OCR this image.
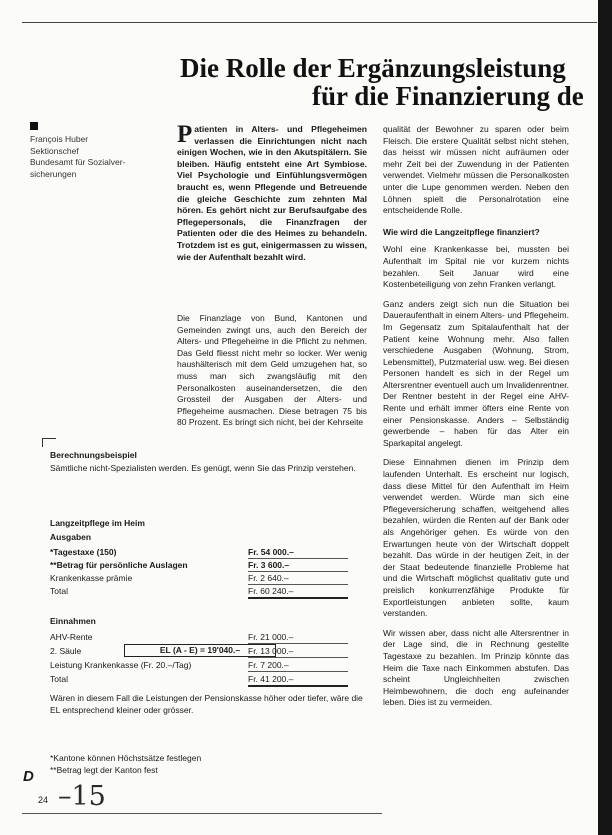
Die Rolle der Ergänzungsleistung
für die Finanzierung de
François Huber
Sektionschef
Bundesamt für Sozialver-
sicherungen
Patienten in Alters- und Pflegeheimen verlassen die Einrichtungen nicht nach einigen Wochen, wie in den Akutspitälern. Sie bleiben. Häufig entsteht eine Art Symbiose. Viel Psychologie und Einfühlungsvermögen braucht es, wenn Pflegende und Betreuende die gleiche Geschichte zum zehnten Mal hören. Es gehört nicht zur Berufsaufgabe des Pflegepersonals, die Finanzfragen der Patienten oder die des Heimes zu behandeln. Trotzdem ist es gut, einigermassen zu wissen, wie der Aufenthalt bezahlt wird.
Die Finanzlage von Bund, Kantonen und Gemeinden zwingt uns, auch den Bereich der Alters- und Pflegeheime in die Pflicht zu nehmen. Das Geld fliesst nicht mehr so locker. Wer wenig haushälterisch mit dem Geld umzugehen hat, so muss man sich zwangsläufig mit den Personalkosten auseinandersetzen, die den Grossteil der Ausgaben der Alters- und Pflegeheime ausmachen. Diese betragen 75 bis 80 Prozent. Es bringt sich nicht, bei der Kehrseite

qualität der Bewohner zu sparen oder beim Fleisch. Die erstere Qualität selbst nicht stehen, das heisst wir müssen nicht aufräumen oder mehr Zeit bei der Zuwendung in der Patienten verwendet. Vielmehr müssen die Personalkosten unter die Lupe genommen werden. Neben den Löhnen spielt die Personalrotation eine entscheidende Rolle.

Wie wird die Langzeitpflege finanziert?

Wohl eine Krankenkasse bei, mussten bei Aufenthalt im Spital nie vor kurzem nichts bezahlen. Seit Januar wird eine Kostenbeteiligung von zehn Franken verlangt.

Ganz anders zeigt sich nun die Situation bei Daueraufenthalt in einem Alters- und Pflegeheim. Im Gegensatz zum Spitalaufenthalt hat der Patient keine Wohnung mehr. Also fallen verschiedene Ausgaben (Wohnung, Strom, Lebensmittel), Putzmaterial usw. weg. Bei diesen Personen handelt es sich in der Regel um Altersrentner eventuell auch um Invalidenrentner. Der Rentner besteht in der Regel eine AHV-Rente und erhält immer öfters eine Rente von einer Pensionskasse. Anders – Selbständig gewerbende – haben für das Alter ein Sparkapital angelegt.

Diese Einnahmen dienen im Prinzip dem laufenden Unterhalt. Es erscheint nur logisch, dass diese Mittel für den Aufenthalt im Heim verwendet werden. Würde man sich eine Pflegeversicherung schaffen, weitgehend alles bezahlen, würden die Renten auf der Bank oder als Angehöriger gehen. Es würde von den Erwartungen heute von der Wirtschaft doppelt bezahlt. Das würde in der heutigen Zeit, in der der Staat bedeutende finanzielle Probleme hat und die Wirtschaft möglichst qualitativ gute und preislich konkurrenzfähige Produkte für Exportleistungen anbieten sollte, kaum verstanden.

Wir wissen aber, dass nicht alle Altersrentner in der Lage sind, die in Rechnung gestellte Tagestaxe zu bezahlen. Im Prinzip könnte das Heim die Taxe nach Einkommen abstufen. Das scheint Ungleichheiten zwischen Heimbewohnern, die doch eng aufeinander leben. Dies ist zu vermeiden.

Berechnungsbeispiel
Sämtliche nicht-Spezialisten werden. Es genügt, wenn Sie das Prinzip verstehen.
Langzeitpflege im Heim
Ausgaben
*Tagestaxe (150)	Fr. 54 000.–
**Betrag für persönliche Auslagen	Fr. 3 600.–
Krankenkasse prämie	Fr. 2 640.–
Total	Fr. 60 240.–
Einnahmen
AHV-Rente	Fr. 21 000.–
2. Säule	Fr. 13 000.–
Leistung Krankenkasse (Fr. 20.–/Tag)	Fr. 7 200.–
Total	Fr. 41 200.–
Wären in diesem Fall die Leistungen der Pensionskasse höher oder tiefer, wäre die EL entsprechend kleiner oder grösser.
*Kantone können Höchstsätze festlegen
**Betrag legt der Kanton fest
EL (A - E) = 19'040.–
D
24 –15
